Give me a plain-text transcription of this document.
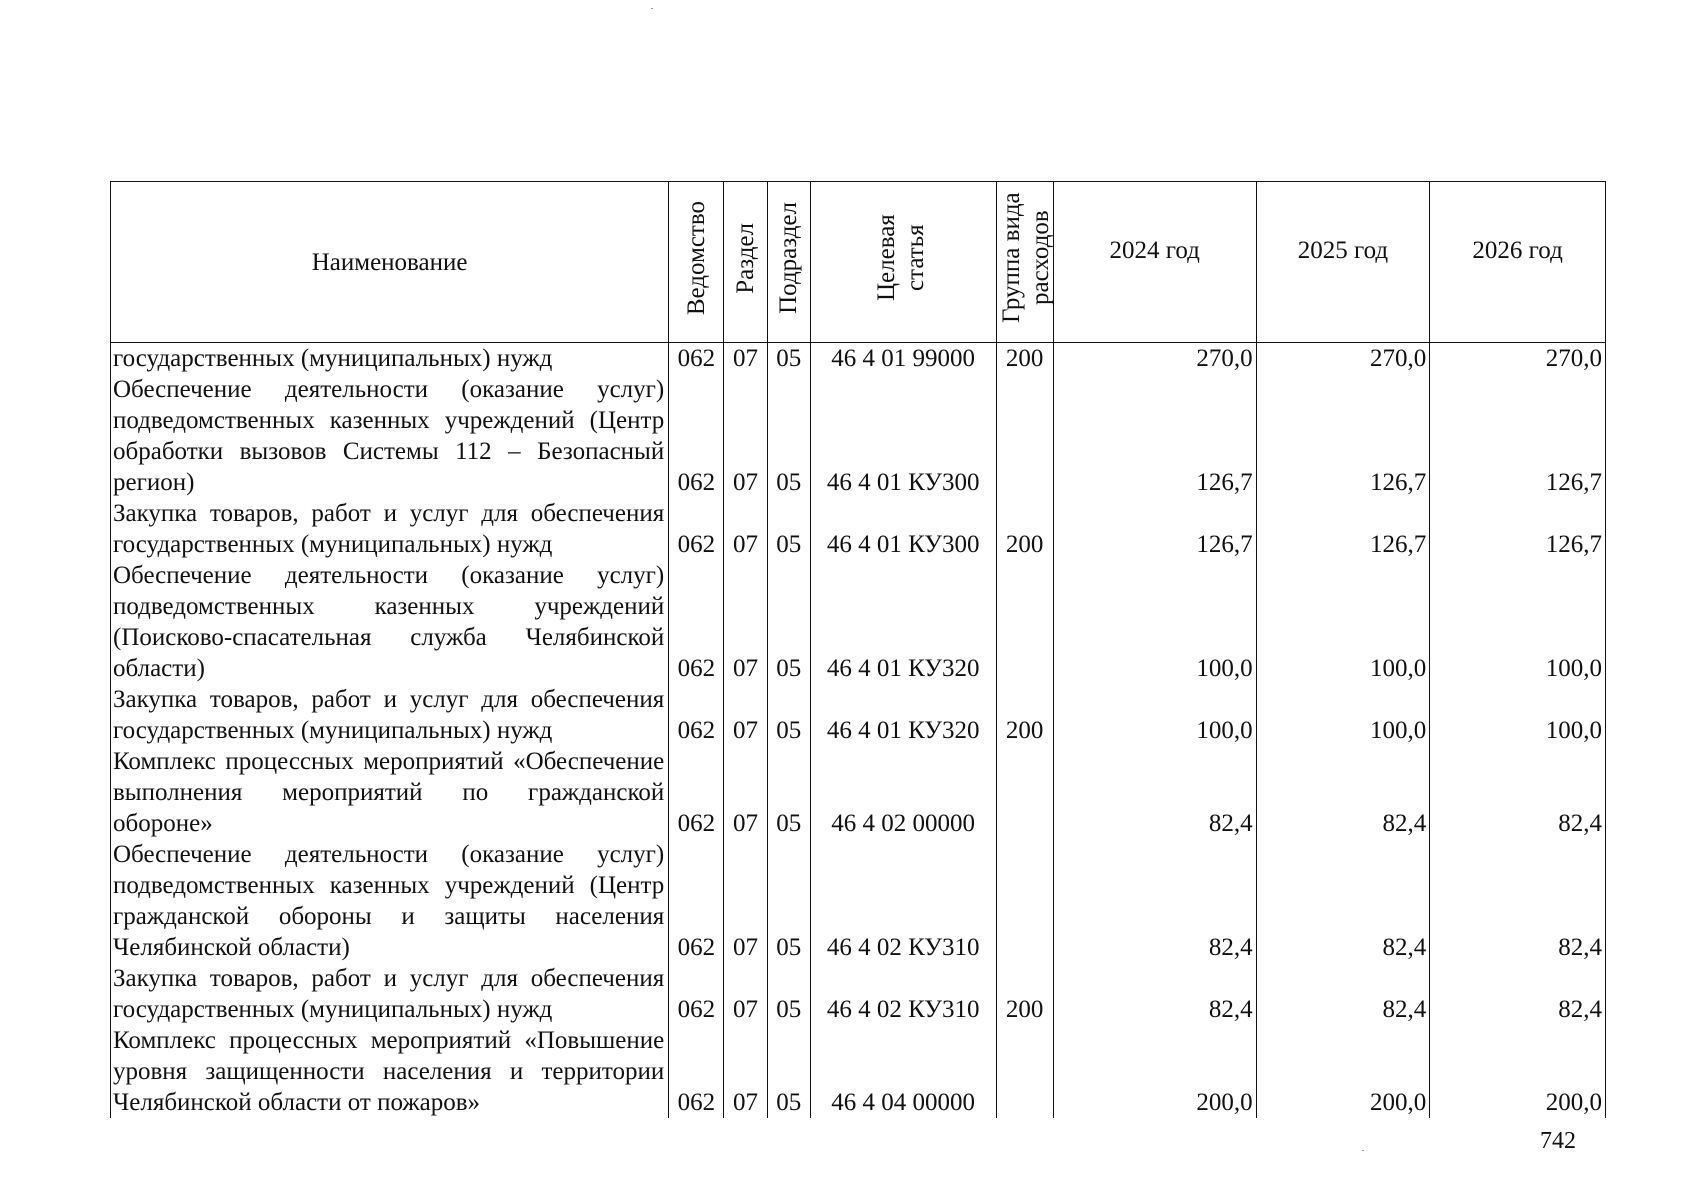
Наименование	Ведомство	Раздел	Подраздел	Целевая статья	Группа вида расходов	2024 год	2025 год	2026 год
государственных (муниципальных) нужд	062	07	05	46 4 01 99000	200	270,0	270,0	270,0
Обеспечение деятельности (оказание услуг) подведомственных казенных учреждений (Центр обработки вызовов Системы 112 – Безопасный регион)	062	07	05	46 4 01 КУ300		126,7	126,7	126,7
Закупка товаров, работ и услуг для обеспечения государственных (муниципальных) нужд	062	07	05	46 4 01 КУ300	200	126,7	126,7	126,7
Обеспечение деятельности (оказание услуг) подведомственных казенных учреждений (Поисково-спасательная служба Челябинской области)	062	07	05	46 4 01 КУ320		100,0	100,0	100,0
Закупка товаров, работ и услуг для обеспечения государственных (муниципальных) нужд	062	07	05	46 4 01 КУ320	200	100,0	100,0	100,0
Комплекс процессных мероприятий «Обеспечение выполнения мероприятий по гражданской обороне»	062	07	05	46 4 02 00000		82,4	82,4	82,4
Обеспечение деятельности (оказание услуг) подведомственных казенных учреждений (Центр гражданской обороны и защиты населения Челябинской области)	062	07	05	46 4 02 КУ310		82,4	82,4	82,4
Закупка товаров, работ и услуг для обеспечения государственных (муниципальных) нужд	062	07	05	46 4 02 КУ310	200	82,4	82,4	82,4
Комплекс процессных мероприятий «Повышение уровня защищенности населения и территории Челябинской области от пожаров»	062	07	05	46 4 04 00000		200,0	200,0	200,0
742
